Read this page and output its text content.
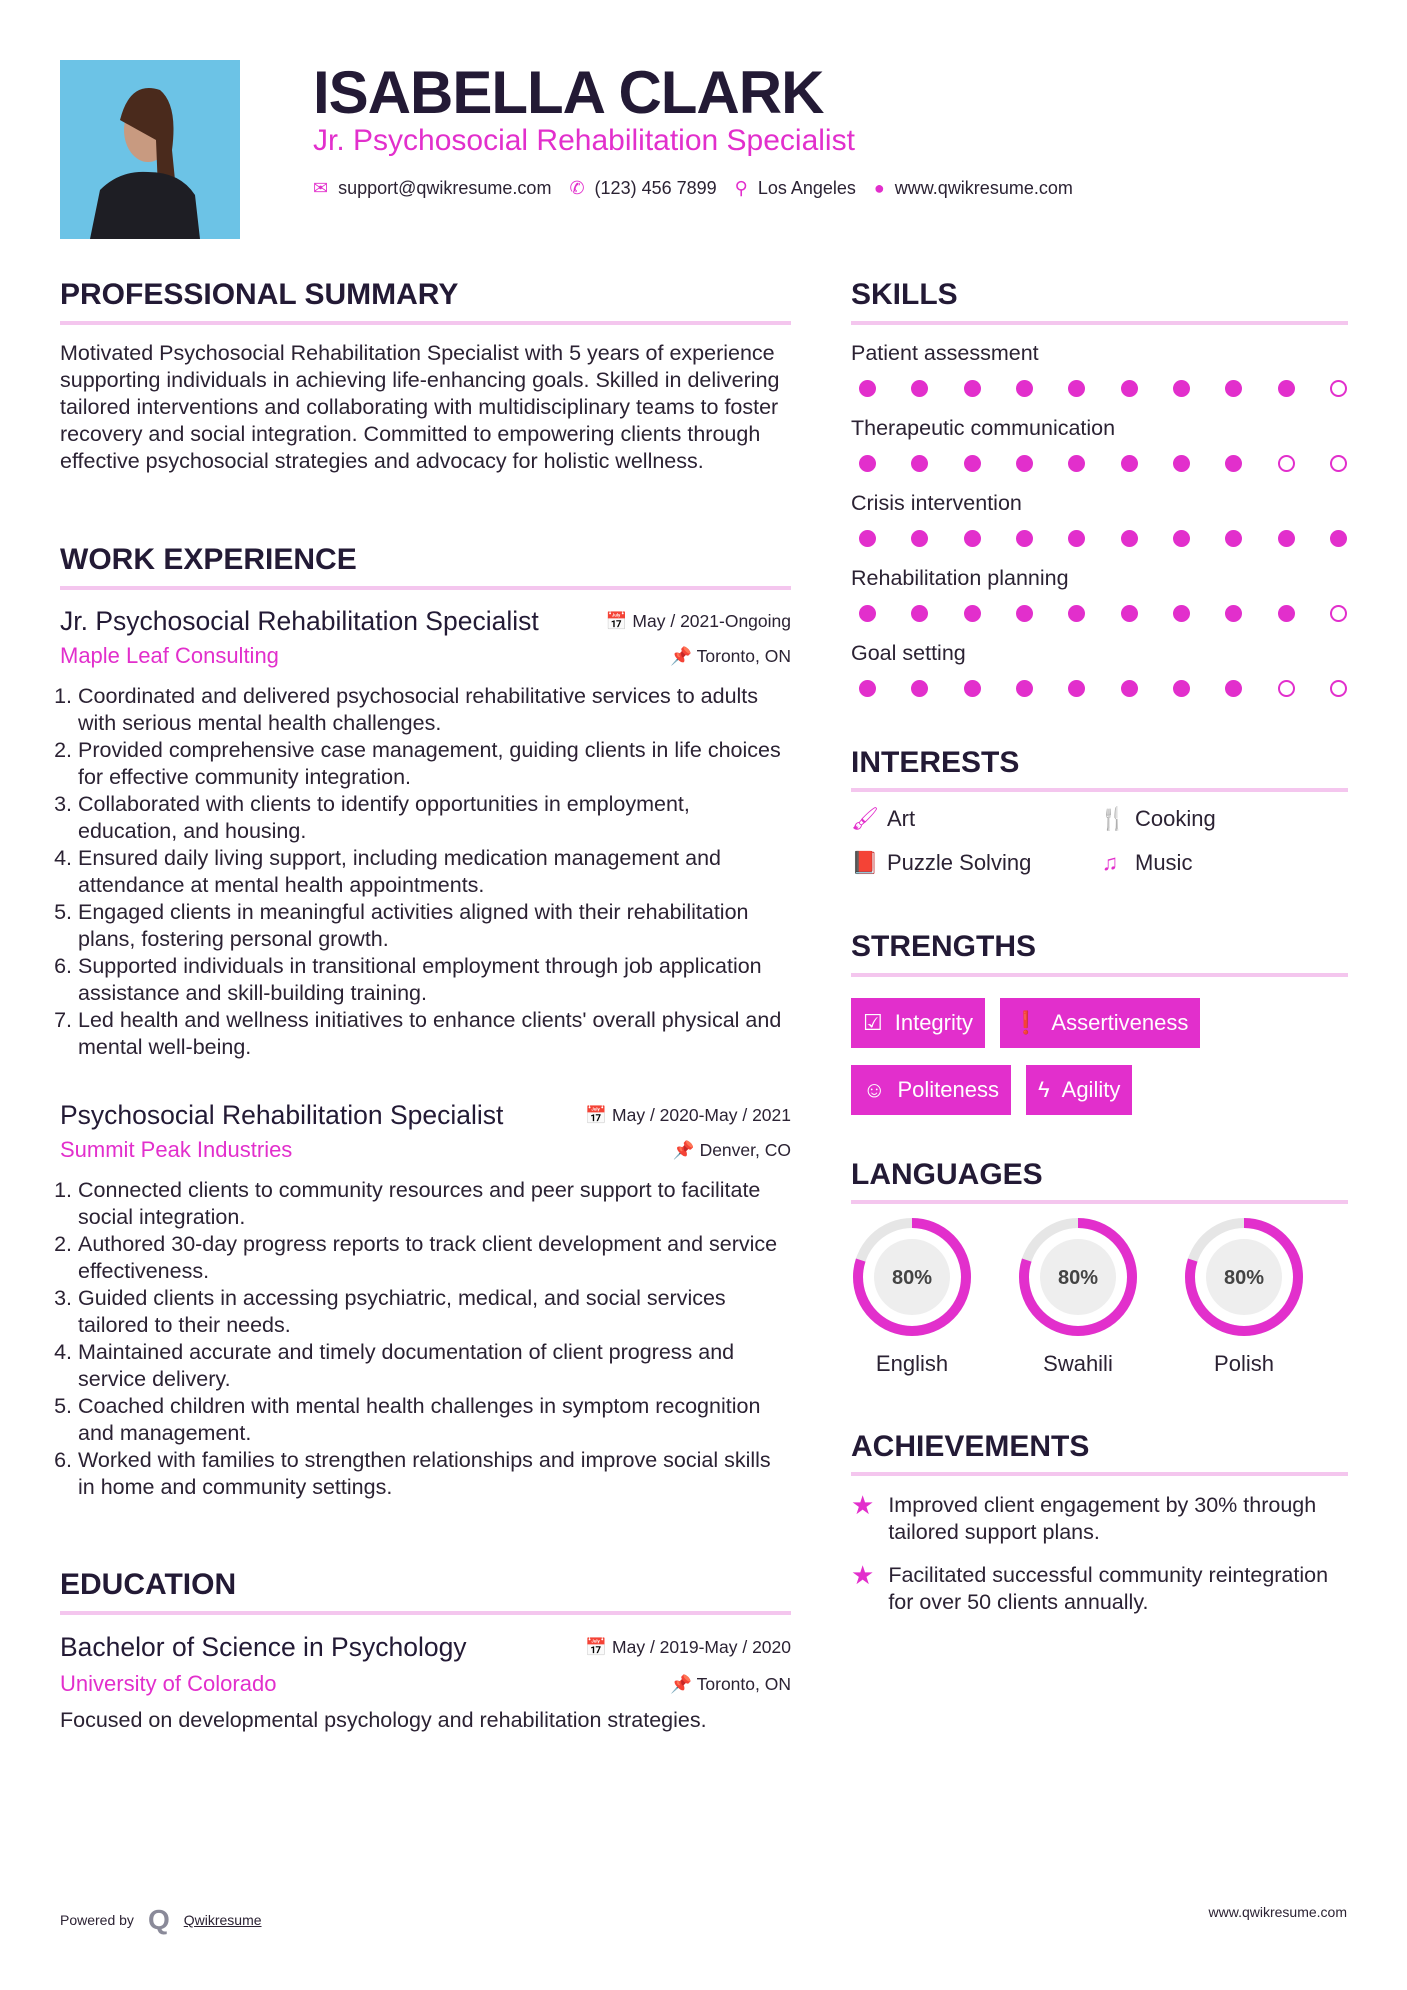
ISABELLA CLARK
Jr. Psychosocial Rehabilitation Specialist
✉ support@qwikresume.com ✆ (123) 456 7899 ⚲ Los Angeles ● www.qwikresume.com
PROFESSIONAL SUMMARY
Motivated Psychosocial Rehabilitation Specialist with 5 years of experience supporting individuals in achieving life-enhancing goals. Skilled in delivering tailored interventions and collaborating with multidisciplinary teams to foster recovery and social integration. Committed to empowering clients through effective psychosocial strategies and advocacy for holistic wellness.
WORK EXPERIENCE
Jr. Psychosocial Rehabilitation Specialist	📅 May / 2021-Ongoing
Maple Leaf Consulting	📌 Toronto, ON
1. Coordinated and delivered psychosocial rehabilitative services to adults with serious mental health challenges.
2. Provided comprehensive case management, guiding clients in life choices for effective community integration.
3. Collaborated with clients to identify opportunities in employment, education, and housing.
4. Ensured daily living support, including medication management and attendance at mental health appointments.
5. Engaged clients in meaningful activities aligned with their rehabilitation plans, fostering personal growth.
6. Supported individuals in transitional employment through job application assistance and skill-building training.
7. Led health and wellness initiatives to enhance clients' overall physical and mental well-being.
Psychosocial Rehabilitation Specialist	📅 May / 2020-May / 2021
Summit Peak Industries	📌 Denver, CO
1. Connected clients to community resources and peer support to facilitate social integration.
2. Authored 30-day progress reports to track client development and service effectiveness.
3. Guided clients in accessing psychiatric, medical, and social services tailored to their needs.
4. Maintained accurate and timely documentation of client progress and service delivery.
5. Coached children with mental health challenges in symptom recognition and management.
6. Worked with families to strengthen relationships and improve social skills in home and community settings.
EDUCATION
Bachelor of Science in Psychology	📅 May / 2019-May / 2020
University of Colorado	📌 Toronto, ON
Focused on developmental psychology and rehabilitation strategies.
SKILLS
Patient assessment
Therapeutic communication
Crisis intervention
Rehabilitation planning
Goal setting
INTERESTS
🖌 Art	🍴 Cooking
📕 Puzzle Solving	♫ Music
STRENGTHS
☑ Integrity ❗ Assertiveness
☺ Politeness ϟ Agility
LANGUAGES
80%
English
80%
Swahili
80%
Polish
ACHIEVEMENTS
★ Improved client engagement by 30% through tailored support plans.
★ Facilitated successful community reintegration for over 50 clients annually.
Powered by Q Qwikresume	www.qwikresume.com
